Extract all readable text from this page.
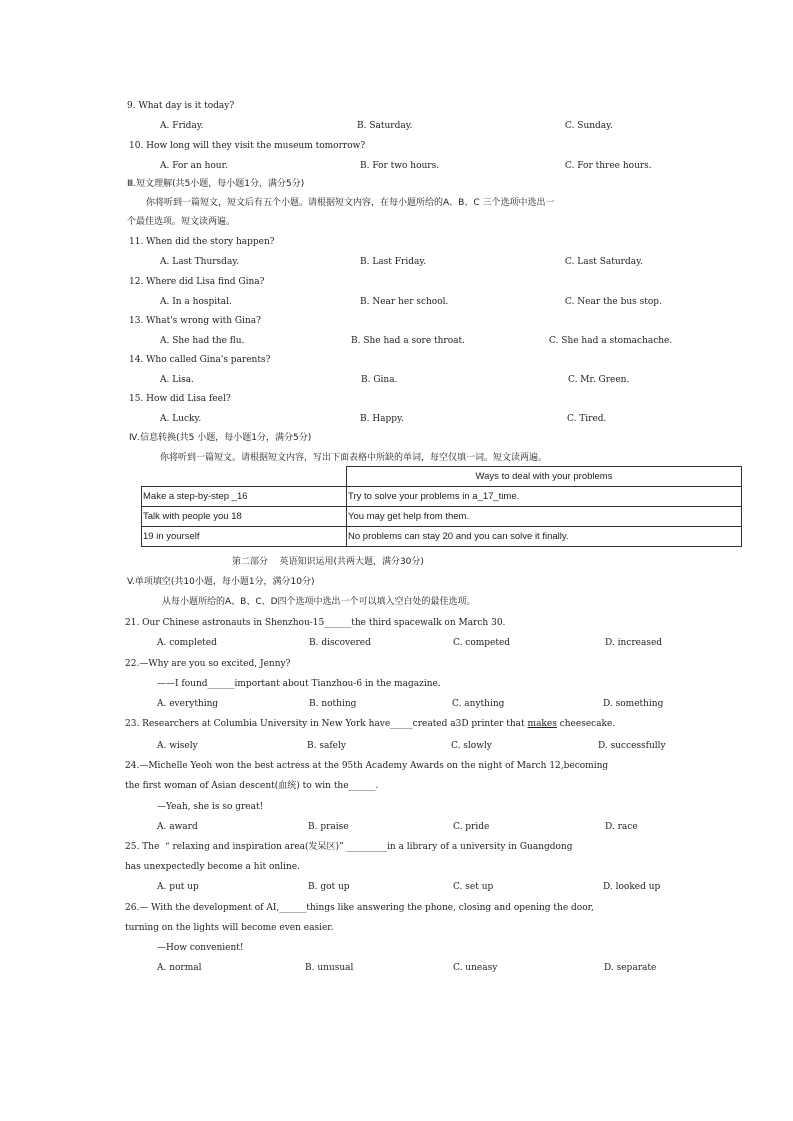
9. What day is it today?
A. Friday.	B. Saturday.	C. Sunday.
10. How long will they visit the museum tomorrow?
A. For an hour.	B. For two hours.	C. For three hours.
Ⅲ.短文理解(共5小题，每小题1分，满分5分)
你将听到一篇短文，短文后有五个小题。请根据短文内容，在每小题所给的A、B、C 三个选项中选出一
个最佳选项。短文读两遍。
11. When did the story happen?
A. Last Thursday.	B. Last Friday.	C. Last Saturday.
12. Where did Lisa find Gina?
A. In a hospital.	B. Near her school.	C. Near the bus stop.
13. What's wrong with Gina?
A. She had the flu.	B. She had a sore throat.	C. She had a stomachache.
14. Who called Gina's parents?
A. Lisa.	B. Gina.	C. Mr. Green.
15. How did Lisa feel?
A. Lucky.	B. Happy.	C. Tired.
Ⅳ.信息转换(共5 小题，每小题1分，满分5分)
你将听到一篇短文。请根据短文内容，写出下面表格中所缺的单词，每空仅填一词。短文读两遍。
	Ways to deal with your problems
Make a step-by-step _16	Try to solve your problems in a_17_time.
Talk with people you 18	You may get help from them.
19 in yourself	No problems can stay 20 and you can solve it finally.
第二部分    英语知识运用(共两大题，满分30分)
V.单项填空(共10小题，每小题1分，满分10分)
从每小题所给的A、B、C、D四个选项中选出一个可以填入空白处的最佳选项。
21. Our Chinese astronauts in Shenzhou-15______the third spacewalk on March 30.
A. completed	B. discovered	C. competed	D. increased
22.—Why are you so excited, Jenny?
——I found______important about Tianzhou-6 in the magazine.
A. everything	B. nothing	C. anything	D. something
23. Researchers at Columbia University in New York have_____created a3D printer that makes cheesecake.
A. wisely	B. safely	C. slowly	D. successfully
24.—Michelle Yeoh won the best actress at the 95th Academy Awards on the night of March 12,becoming
the first woman of Asian descent(血统) to win the______.
—Yeah, she is so great!
A. award	B. praise	C. pride	D. race
25. The  “ relaxing and inspiration area(发呆区)” _________in a library of a university in Guangdong
has unexpectedly become a hit online.
A. put up	B. got up	C. set up	D. looked up
26.— With the development of AI,______things like answering the phone, closing and opening the door,
turning on the lights will become even easier.
—How convenient!
A. normal	B. unusual	C. uneasy	D. separate
